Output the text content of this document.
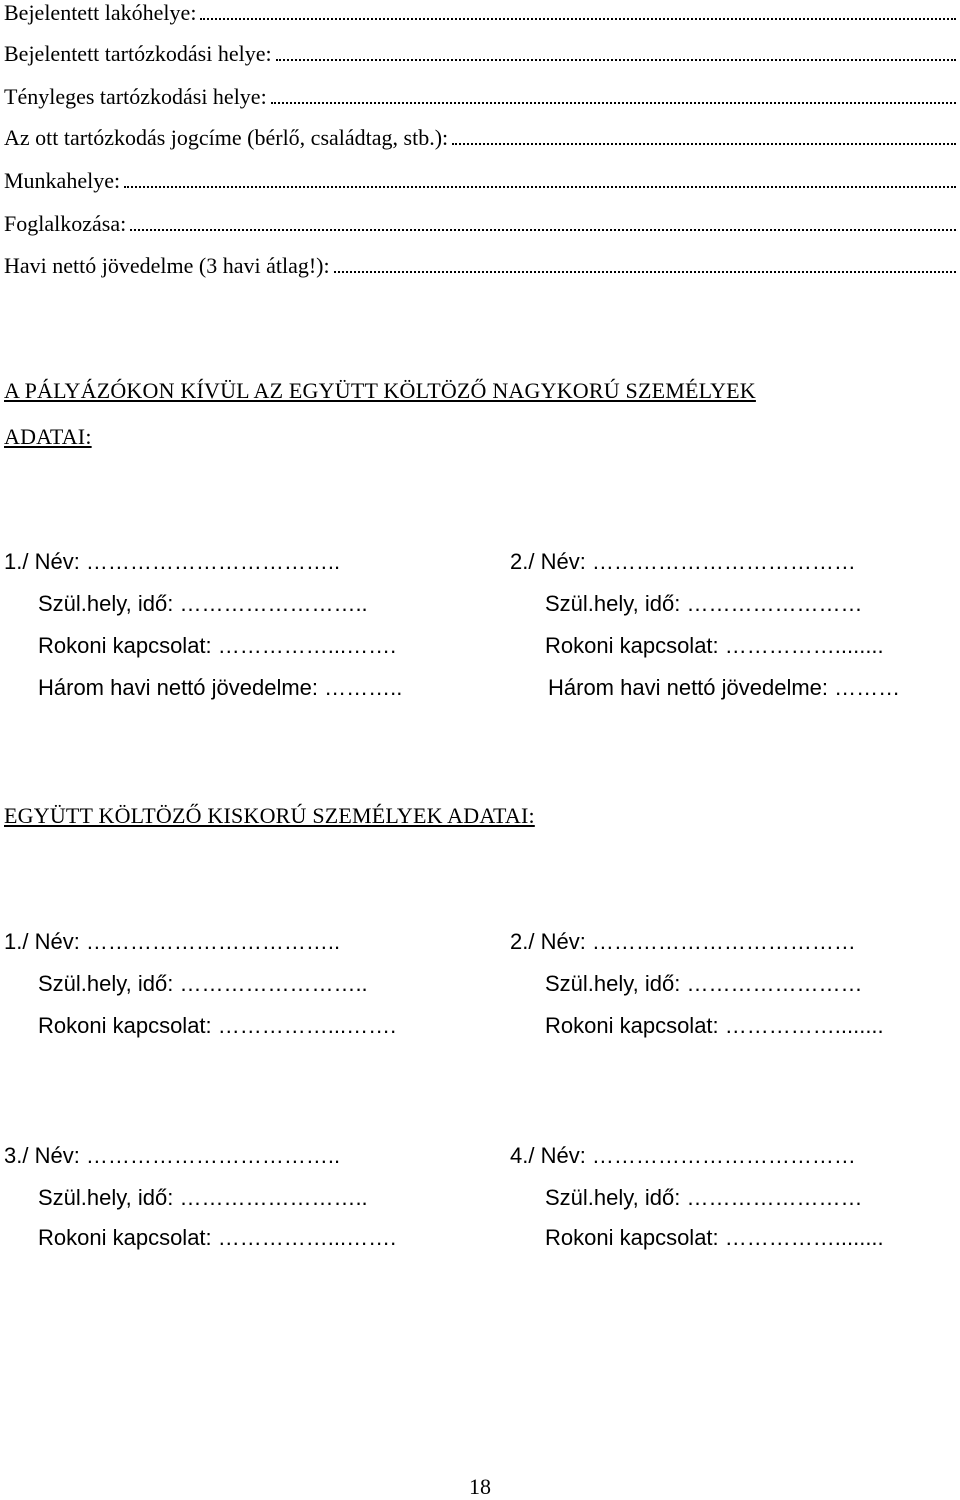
Bejelentett lakóhelye:
Bejelentett tartózkodási helye:
Tényleges tartózkodási helye:
Az ott tartózkodás jogcíme (bérlő, családtag, stb.):
Munkahelye:
Foglalkozása:
Havi nettó jövedelme (3 havi átlag!):
A PÁLYÁZÓKON KÍVÜL AZ EGYÜTT KÖLTÖZŐ NAGYKORÚ SZEMÉLYEK
ADATAI:
1./ Név: ……………………………..
Szül.hely, idő: ……………………..
Rokoni kapcsolat: ……………...…….
Három havi nettó jövedelme: ………..
2./ Név: ………………………………
Szül.hely, idő: ……………………
Rokoni kapcsolat: ……………........
Három havi nettó jövedelme: ………
EGYÜTT KÖLTÖZŐ KISKORÚ SZEMÉLYEK ADATAI:
1./ Név: ……………………………..
Szül.hely, idő: ……………………..
Rokoni kapcsolat: ……………...…….
2./ Név: ………………………………
Szül.hely, idő: ……………………
Rokoni kapcsolat: ……………........
3./ Név: ……………………………..
Szül.hely, idő: ……………………..
Rokoni kapcsolat: ……………...…….
4./ Név: ………………………………
Szül.hely, idő: ……………………
Rokoni kapcsolat: ……………........
18
